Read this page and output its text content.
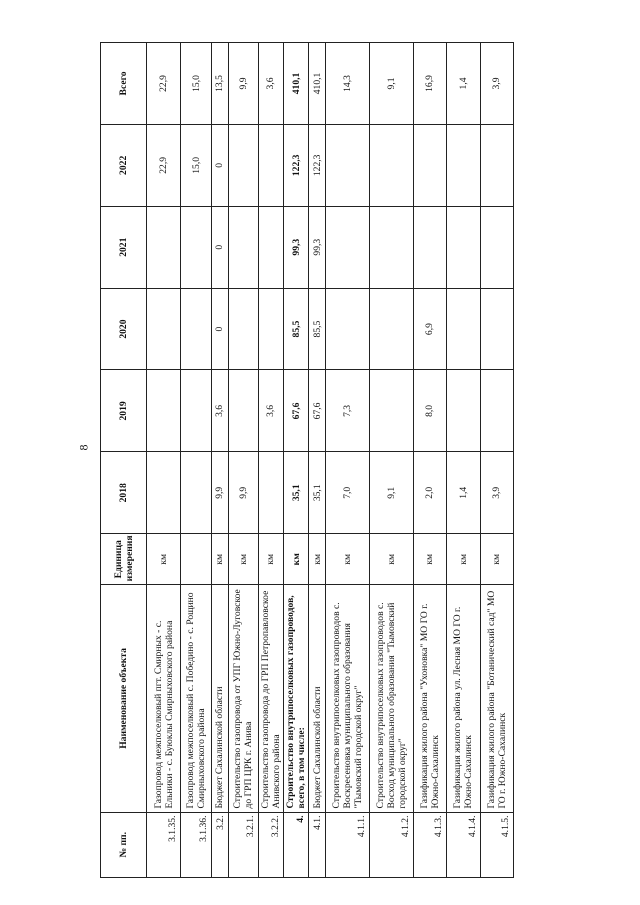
8
№ пп.	Наименование объекта	Единица измерения	2018	2019	2020	2021	2022	Всего
3.1.35.	Газопровод межпоселковый пгт. Смирных - с. Ельники - с. Буюклы Смирныховского района	км					22,9	22,9
3.1.36.	Газопровод межпоселковый с. Победино - с. Рощино Смирныховского района						15,0	15,0
3.2.	Бюджет Сахалинской области	км	9,9	3,6	0	0	0	13,5
3.2.1.	Строительство газопровода от УПГ Южно-Луговское до ГРП ЦРК г. Анива	км	9,9					9,9
3.2.2.	Строительство газопровода до ГРП Петропавловское Анивского района	км		3,6				3,6
4.	Строительство внутрипоселковых газопроводов, всего, в том числе:	км	35,1	67,6	85,5	99,3	122,3	410,1
4.1.	Бюджет Сахалинской области	км	35,1	67,6	85,5	99,3	122,3	410,1
4.1.1.	Строительство внутрипоселковых газопроводов с. Воскресеновка муниципального образования "Тымовский городской округ"	км	7,0	7,3				14,3
4.1.2.	Строительство внутрипоселковых газопроводов с. Восход муниципального образования "Тымовский городской округ"	км	9,1					9,1
4.1.3.	Газификация жилого района "Ухоновка" МО ГО г. Южно-Сахалинск	км	2,0	8,0	6,9			16,9
4.1.4.	Газификация жилого района ул. Лесная МО ГО г. Южно-Сахалинск	км	1,4					1,4
4.1.5.	Газификация жилого района "Ботанический сад" МО ГО г. Южно-Сахалинск	км	3,9					3,9
